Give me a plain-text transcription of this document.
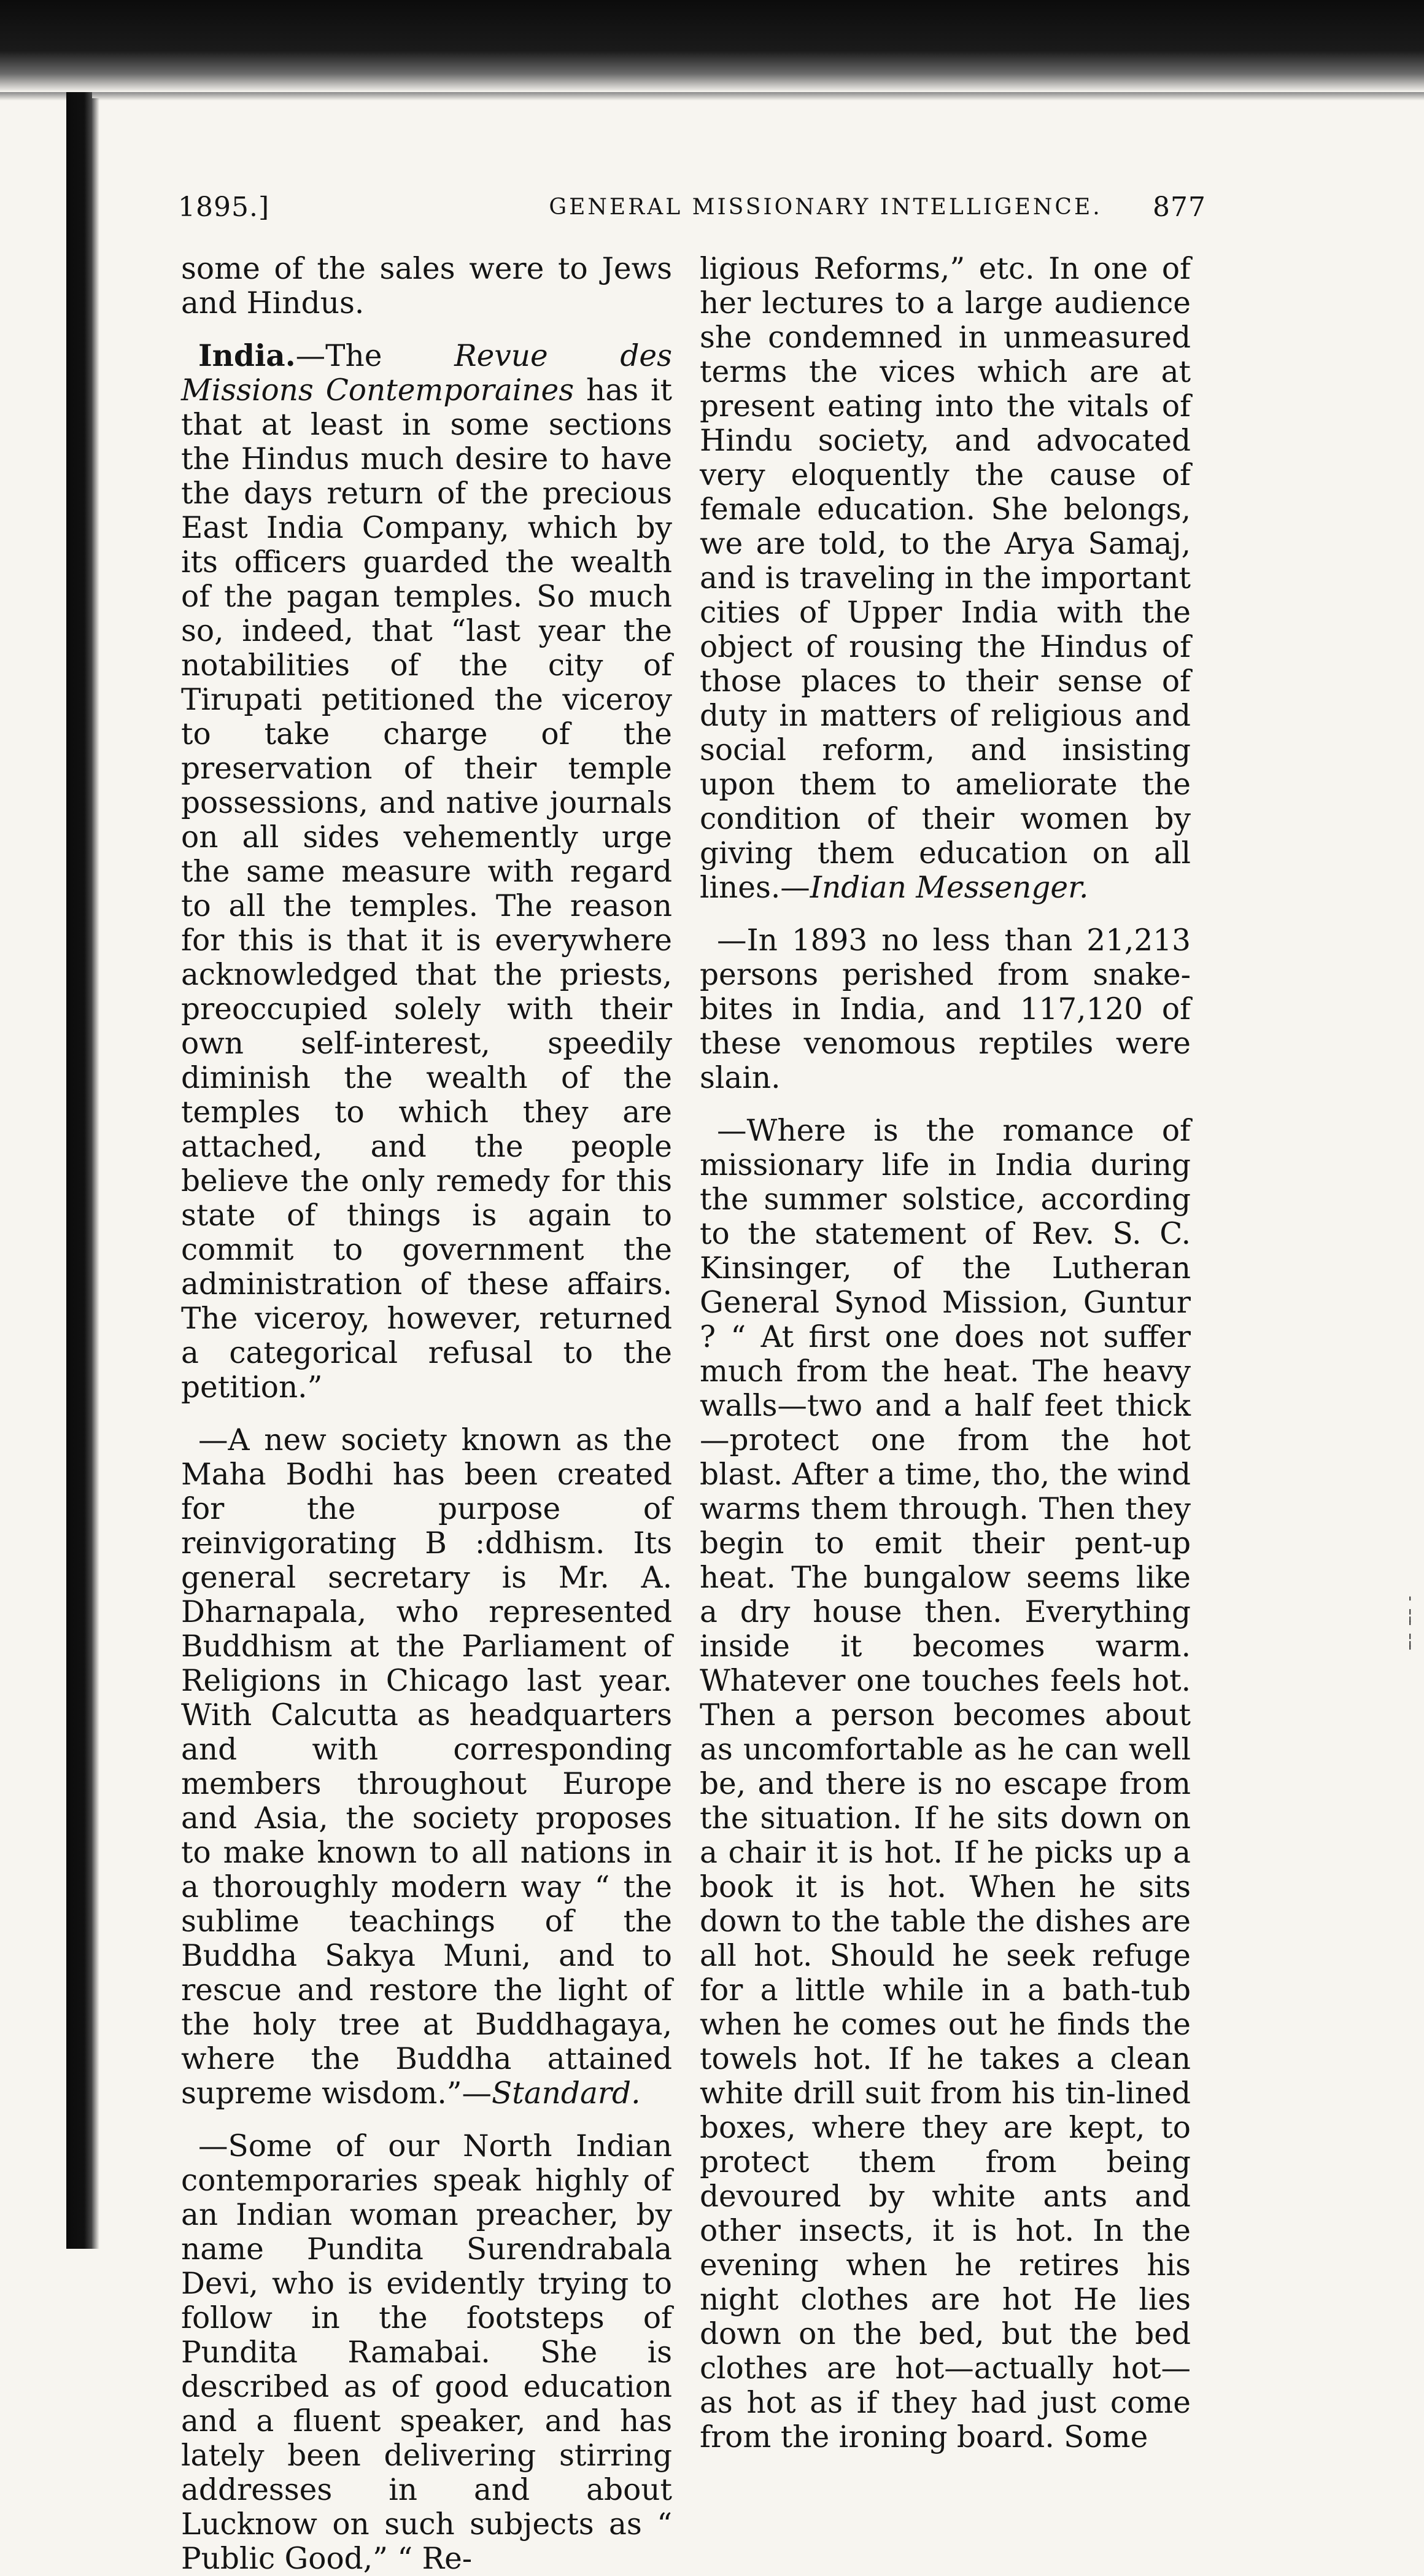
1895.]	GENERAL MISSIONARY INTELLIGENCE.	877

some of the sales were to Jews and Hindus.

India.—The Revue des Missions Contemporaines has it that at least in some sections the Hindus much desire to have the days return of the precious East India Company, which by its officers guarded the wealth of the pagan temples. So much so, indeed, that “last year the notabilities of the city of Tirupati petitioned the viceroy to take charge of the preservation of their temple possessions, and native journals on all sides vehemently urge the same measure with regard to all the temples. The reason for this is that it is everywhere acknowledged that the priests, preoccupied solely with their own self-interest, speedily diminish the wealth of the temples to which they are attached, and the people believe the only remedy for this state of things is again to commit to government the administration of these affairs. The viceroy, however, returned a categorical refusal to the petition.”

—A new society known as the Maha Bodhi has been created for the purpose of reinvigorating B :ddhism. Its general secretary is Mr. A. Dharnapala, who represented Buddhism at the Parliament of Religions in Chicago last year. With Calcutta as headquarters and with corresponding members throughout Europe and Asia, the society proposes to make known to all nations in a thoroughly modern way “ the sublime teachings of the Buddha Sakya Muni, and to rescue and restore the light of the holy tree at Buddhagaya, where the Buddha attained supreme wisdom.”—Standard.

—Some of our North Indian contemporaries speak highly of an Indian woman preacher, by name Pundita Surendrabala Devi, who is evidently trying to follow in the footsteps of Pundita Ramabai. She is described as of good education and a fluent speaker, and has lately been delivering stirring addresses in and about Lucknow on such subjects as “ Public Good,” “ Re-

ligious Reforms,” etc. In one of her lectures to a large audience she condemned in unmeasured terms the vices which are at present eating into the vitals of Hindu society, and advocated very eloquently the cause of female education. She belongs, we are told, to the Arya Samaj, and is traveling in the important cities of Upper India with the object of rousing the Hindus of those places to their sense of duty in matters of religious and social reform, and insisting upon them to ameliorate the condition of their women by giving them education on all lines.—Indian Messenger.

—In 1893 no less than 21,213 persons perished from snake-bites in India, and 117,120 of these venomous reptiles were slain.

—Where is the romance of missionary life in India during the summer solstice, according to the statement of Rev. S. C. Kinsinger, of the Lutheran General Synod Mission, Guntur ? “ At first one does not suffer much from the heat. The heavy walls—two and a half feet thick—protect one from the hot blast. After a time, tho, the wind warms them through. Then they begin to emit their pent-up heat. The bungalow seems like a dry house then. Everything inside it becomes warm. Whatever one touches feels hot. Then a person becomes about as uncomfortable as he can well be, and there is no escape from the situation. If he sits down on a chair it is hot. If he picks up a book it is hot. When he sits down to the table the dishes are all hot. Should he seek refuge for a little while in a bath-tub when he comes out he finds the towels hot. If he takes a clean white drill suit from his tin-lined boxes, where they are kept, to protect them from being devoured by white ants and other insects, it is hot. In the evening when he retires his night clothes are hot He lies down on the bed, but the bed clothes are hot—actually hot—as hot as if they had just come from the ironing board. Some

'
¦
'
¦
'
